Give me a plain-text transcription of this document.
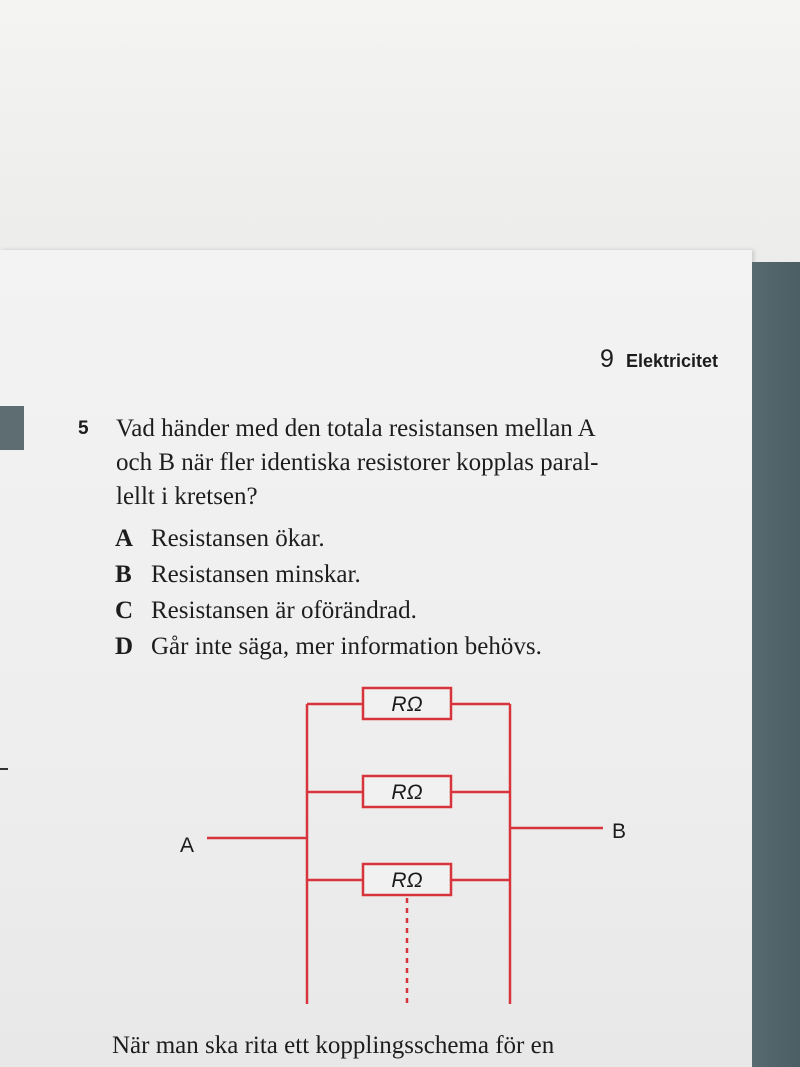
9 Elektricitet
5 Vad händer med den totala resistansen mellan A
och B när fler identiska resistorer kopplas paral-
lellt i kretsen?
A Resistansen ökar.
B Resistansen minskar.
C Resistansen är oförändrad.
D Går inte säga, mer information behövs.
RΩ
RΩ
RΩ
A
B
När man ska rita ett kopplingsschema för en
